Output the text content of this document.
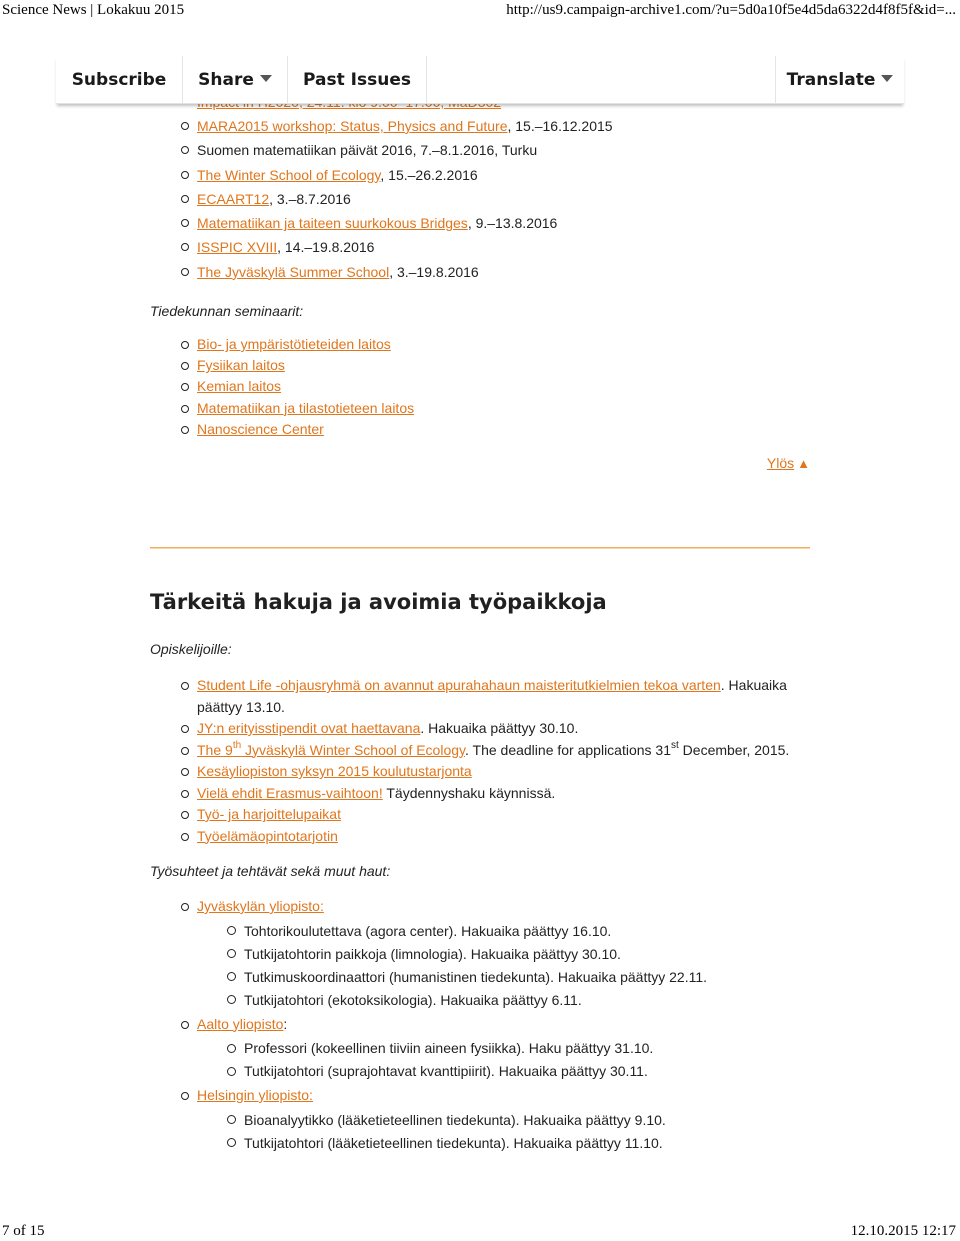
Science News | Lokakuu 2015	http://us9.campaign-archive1.com/?u=5d0a10f5e4d5da6322d4f8f5f&id=...
Subscribe Share	Past Issues	Translate
MARA2015 workshop: Status, Physics and Future, 15.–16.12.2015
Suomen matematiikan päivät 2016, 7.–8.1.2016, Turku
The Winter School of Ecology, 15.–26.2.2016
ECAART12, 3.–8.7.2016
Matematiikan ja taiteen suurkokous Bridges, 9.–13.8.2016
ISSPIC XVIII, 14.–19.8.2016
The Jyväskylä Summer School, 3.–19.8.2016
Tiedekunnan seminaarit:
Bio- ja ympäristötieteiden laitos
Fysiikan laitos
Kemian laitos
Matematiikan ja tilastotieteen laitos
Nanoscience Center
Ylös ▲
Tärkeitä hakuja ja avoimia työpaikkoja
Opiskelijoille:
Student Life -ohjausryhmä on avannut apurahahaun maisteritutkielmien tekoa varten. Hakuaika päättyy 13.10.
JY:n erityisstipendit ovat haettavana. Hakuaika päättyy 30.10.
The 9th Jyväskylä Winter School of Ecology. The deadline for applications 31st December, 2015.
Kesäyliopiston syksyn 2015 koulutustarjonta
Vielä ehdit Erasmus-vaihtoon! Täydennyshaku käynnissä.
Työ- ja harjoittelupaikat
Työelämäopintotarjotin
Työsuhteet ja tehtävät sekä muut haut:
Jyväskylän yliopisto:
Tohtorikoulutettava (agora center). Hakuaika päättyy 16.10.
Tutkijatohtorin paikkoja (limnologia). Hakuaika päättyy 30.10.
Tutkimuskoordinaattori (humanistinen tiedekunta). Hakuaika päättyy 22.11.
Tutkijatohtori (ekotoksikologia). Hakuaika päättyy 6.11.
Aalto yliopisto:
Professori (kokeellinen tiiviin aineen fysiikka). Haku päättyy 31.10.
Tutkijatohtori (suprajohtavat kvanttipiirit). Hakuaika päättyy 30.11.
Helsingin yliopisto:
Bioanalyytikko (lääketieteellinen tiedekunta). Hakuaika päättyy 9.10.
Tutkijatohtori (lääketieteellinen tiedekunta). Hakuaika päättyy 11.10.
7 of 15	12.10.2015 12:17
